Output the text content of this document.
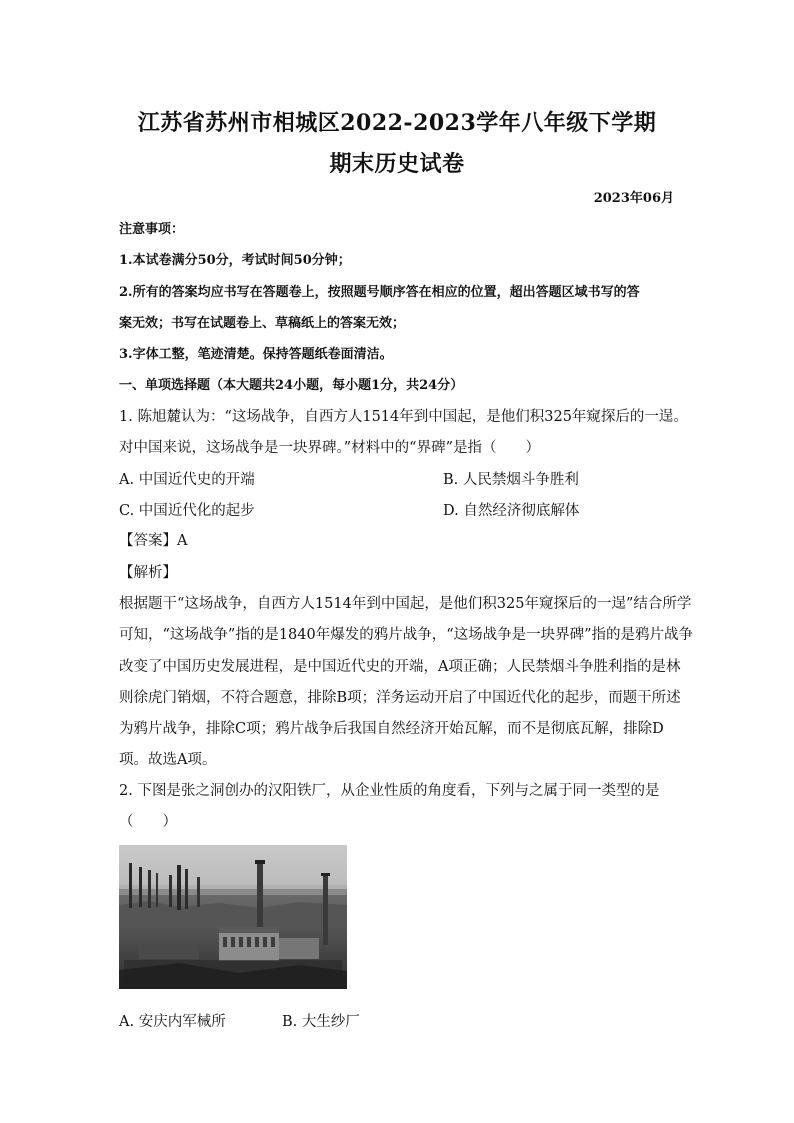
江苏省苏州市相城区2022-2023学年八年级下学期
期末历史试卷
2023年06月
注意事项：
1.本试卷满分50分，考试时间50分钟；
2.所有的答案均应书写在答题卷上，按照题号顺序答在相应的位置，超出答题区域书写的答
案无效；书写在试题卷上、草稿纸上的答案无效；
3.字体工整，笔迹清楚。保持答题纸卷面清洁。
一、单项选择题（本大题共24小题，每小题1分，共24分）
1. 陈旭麓认为：“这场战争，自西方人1514年到中国起，是他们积325年窥探后的一逞。
对中国来说，这场战争是一块界碑。”材料中的“界碑”是指（　　）
A. 中国近代史的开端	B. 人民禁烟斗争胜利
C. 中国近代化的起步	D. 自然经济彻底解体
【答案】A
【解析】
根据题干“这场战争，自西方人1514年到中国起，是他们积325年窥探后的一逞”结合所学
可知，“这场战争”指的是1840年爆发的鸦片战争，“这场战争是一块界碑”指的是鸦片战争
改变了中国历史发展进程，是中国近代史的开端，A项正确；人民禁烟斗争胜利指的是林
则徐虎门销烟，不符合题意，排除B项；洋务运动开启了中国近代化的起步，而题干所述
为鸦片战争，排除C项；鸦片战争后我国自然经济开始瓦解，而不是彻底瓦解，排除D
项。故选A项。
2. 下图是张之洞创办的汉阳铁厂，从企业性质的角度看，下列与之属于同一类型的是
（　　）
A. 安庆内军械所	B. 大生纱厂
